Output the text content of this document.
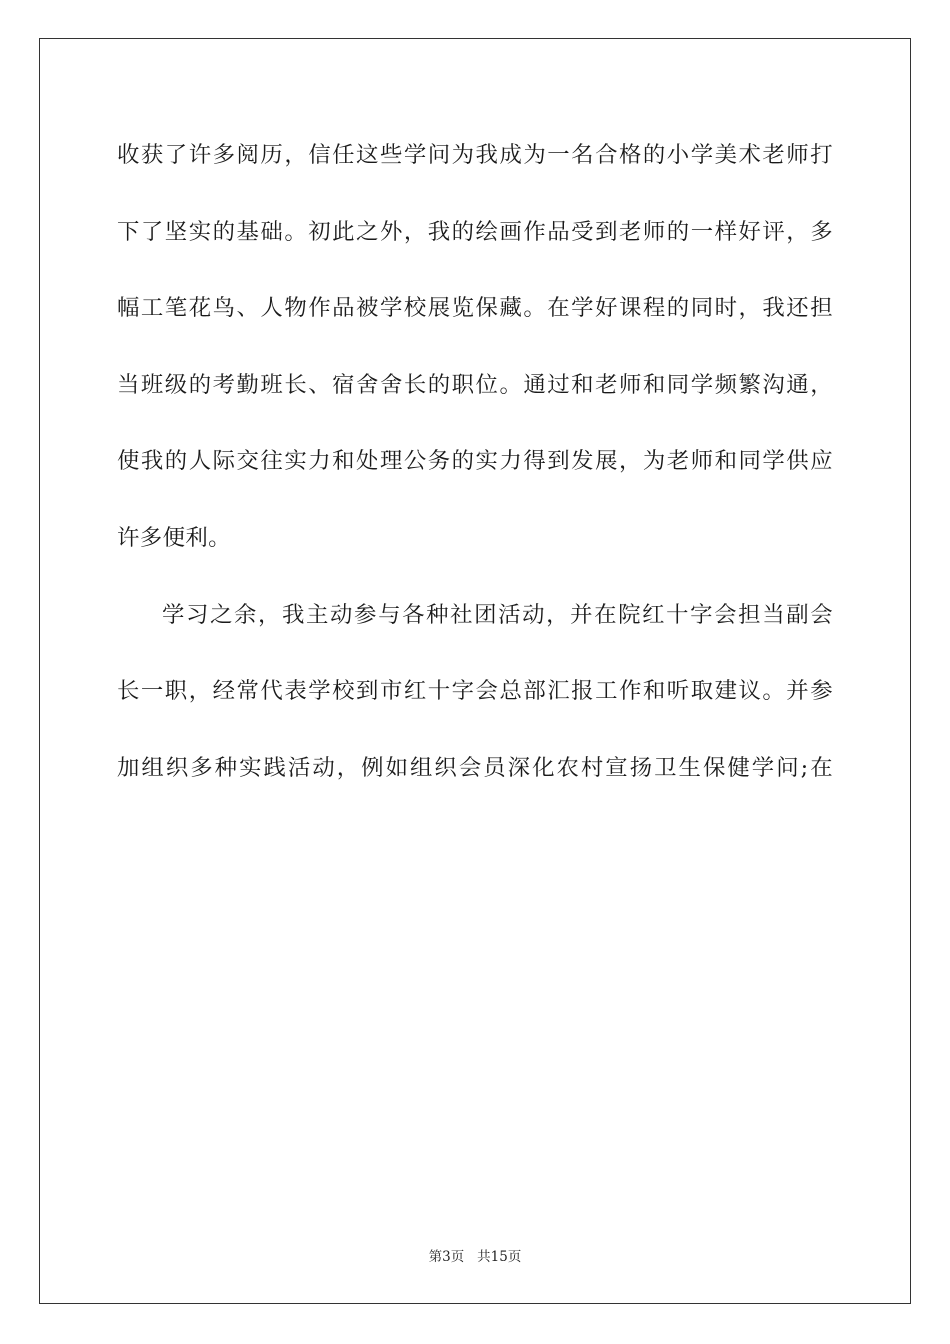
收获了许多阅历，信任这些学问为我成为一名合格的小学美术老师打
下了坚实的基础。初此之外，我的绘画作品受到老师的一样好评，多
幅工笔花鸟、人物作品被学校展览保藏。在学好课程的同时，我还担
当班级的考勤班长、宿舍舍长的职位。通过和老师和同学频繁沟通，
使我的人际交往实力和处理公务的实力得到发展，为老师和同学供应
许多便利。
学习之余，我主动参与各种社团活动，并在院红十字会担当副会
长一职，经常代表学校到市红十字会总部汇报工作和听取建议。并参
加组织多种实践活动，例如组织会员深化农村宣扬卫生保健学问;在
第3页 共15页
